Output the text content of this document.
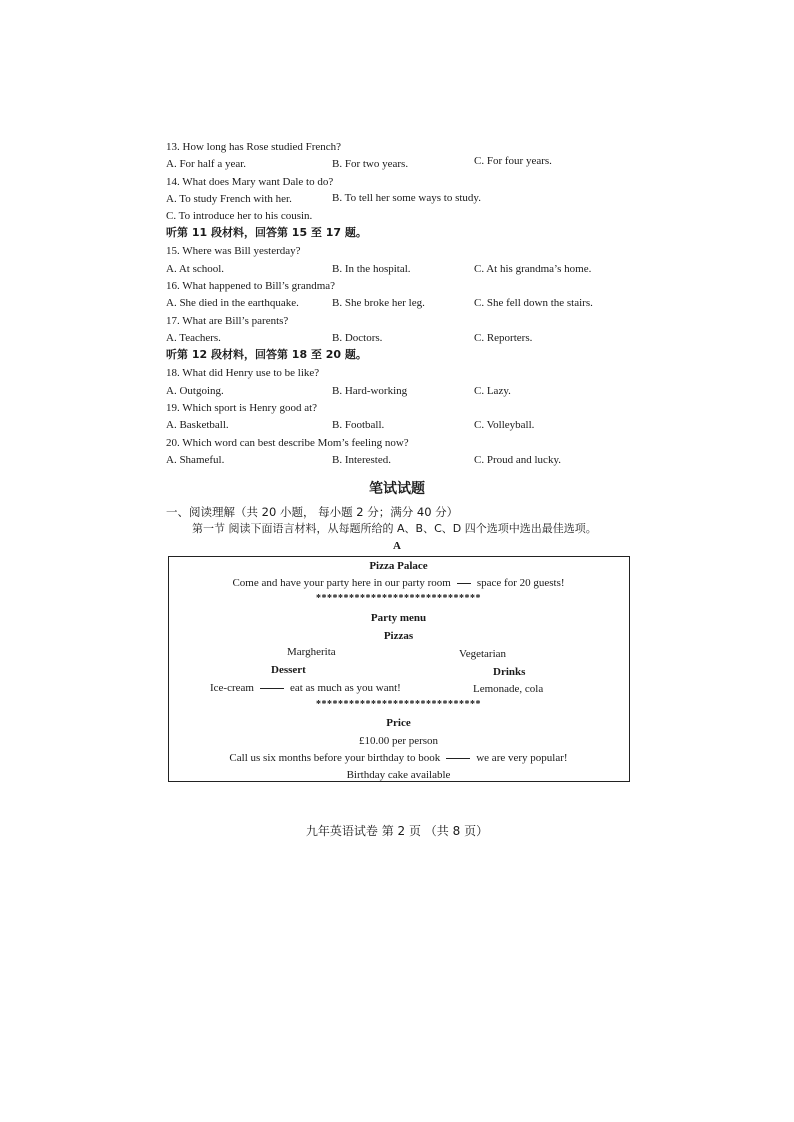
13. How long has Rose studied French?
A. For half a year.	B. For two years.	C. For four years.
14. What does Mary want Dale to do?
A. To study French with her.	B. To tell her some ways to study.
C. To introduce her to his cousin.
听第 11 段材料，回答第 15 至 17 题。
15. Where was Bill yesterday?
A. At school.	B. In the hospital.	C. At his grandma’s home.
16. What happened to Bill’s grandma?
A. She died in the earthquake.	B. She broke her leg.	C. She fell down the stairs.
17. What are Bill’s parents?
A. Teachers.	B. Doctors.	C. Reporters.
听第 12 段材料，回答第 18 至 20 题。
18. What did Henry use to be like?
A. Outgoing.	B. Hard-working	C. Lazy.
19. Which sport is Henry good at?
A. Basketball.	B. Football.	C. Volleyball.
20. Which word can best describe Mom’s feeling now?
A. Shameful.	B. Interested.	C. Proud and lucky.
笔试试题
一、阅读理解（共 20 小题， 每小题 2 分；满分 40 分）
第一节 阅读下面语言材料，从每题所给的 A、B、C、D 四个选项中选出最佳选项。
A
Pizza Palace
Come and have your party here in our party room space for 20 guests!
******************************
Party menu
Pizzas
Margherita	Vegetarian
Dessert	Drinks
Ice-cream	eat as much as you want!	Lemonade, cola
******************************
Price
£10.00 per person
Call us six months before your birthday to book	we are very popular!
Birthday cake available
九年英语试卷 第 2 页 （共 8 页）
